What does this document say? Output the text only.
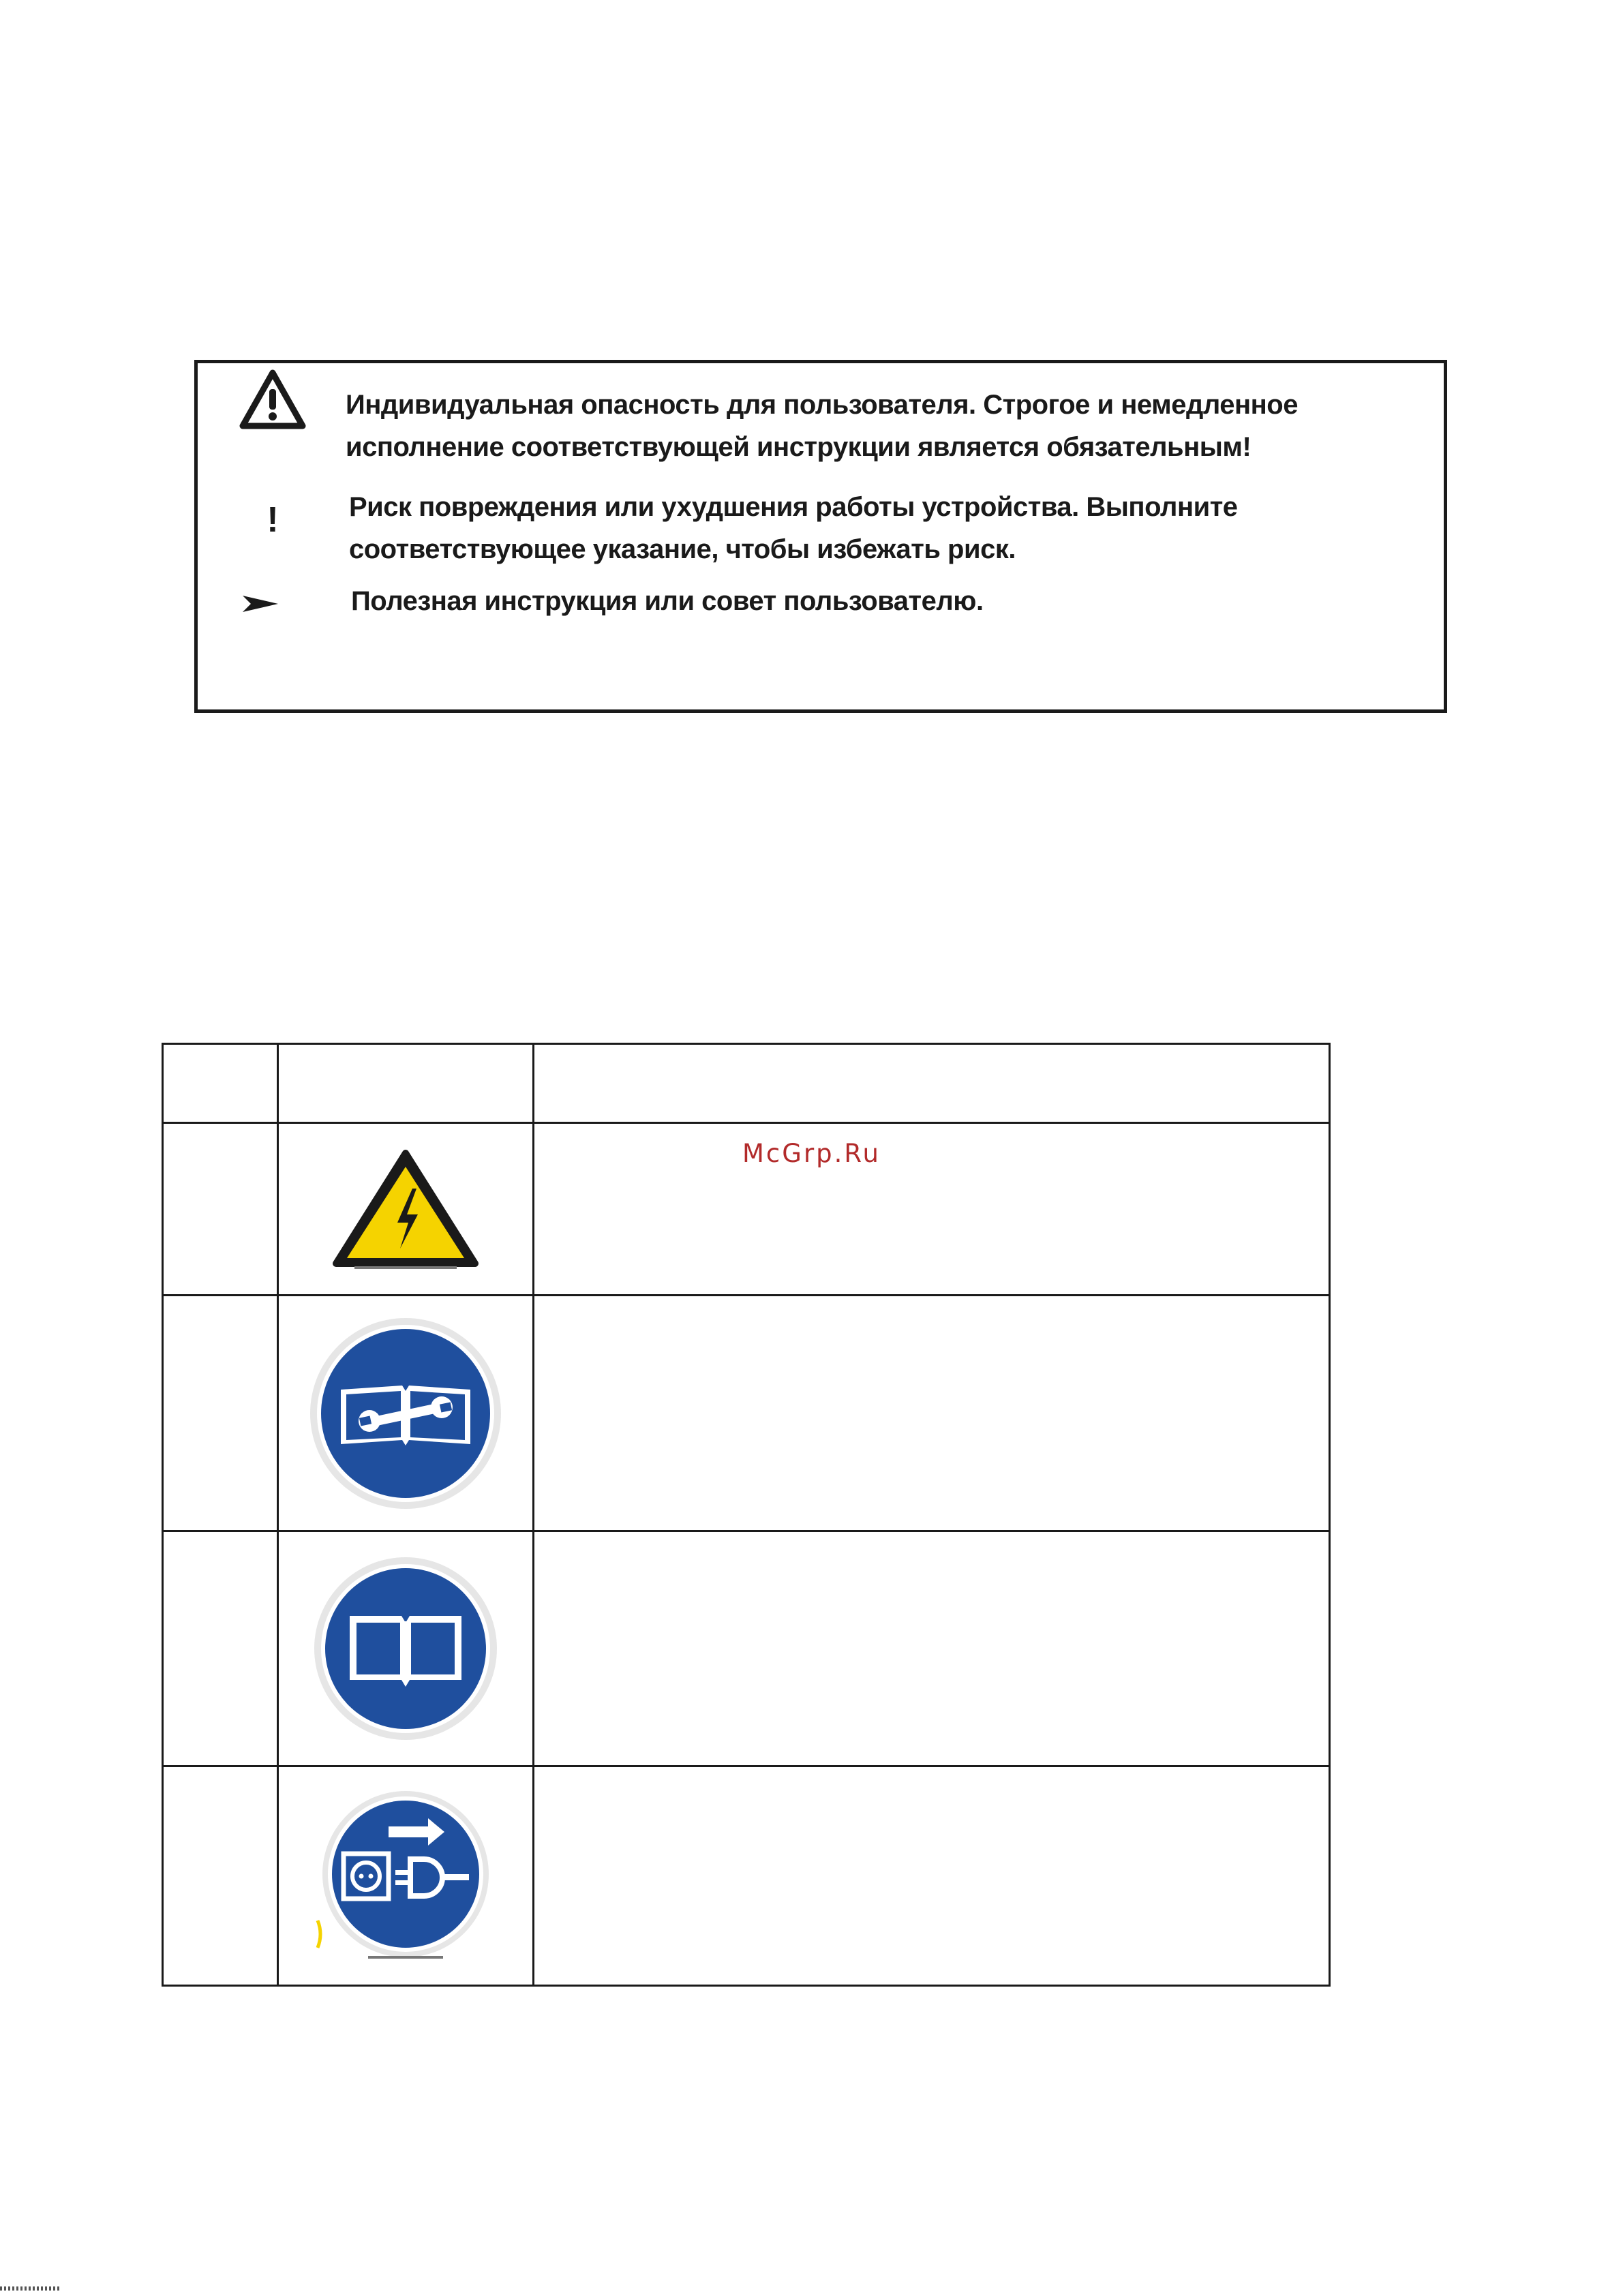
Индивидуальная опасность для пользователя. Строгое и немедленное
исполнение соответствующей инструкции является обязательным!
!	Риск повреждения или ухудшения работы устройства. Выполните
соответствующее указание, чтобы избежать риск.
Полезная инструкция или совет пользователю.

McGrp.Ru
